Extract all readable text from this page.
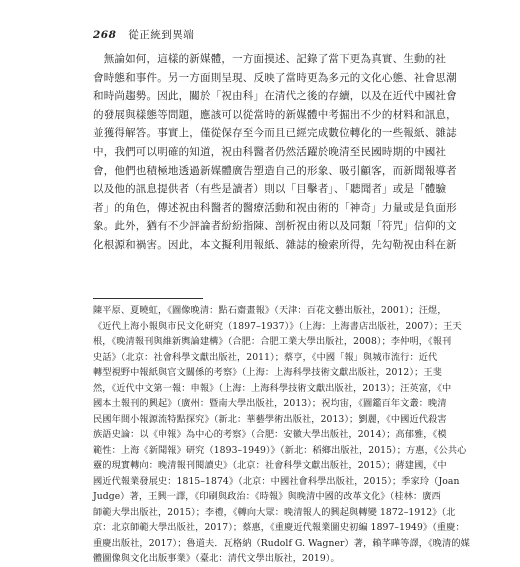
268 從正統到異端

　無論如何，這樣的新媒體，一方面摸述、記錄了當下更為真實、生動的社

會時態和事件。另一方面則呈現、反映了當時更為多元的文化心態、社會思潮

和時尚趨勢。因此，關於「祝由科」在清代之後的存續，以及在近代中國社會

的發展與樣態等問題，應該可以從當時的新媒體中考掘出不少的材料和訊息，

並獲得解答。事實上，僅從保存至今而且已經完成數位轉化的一些報紙、雜誌

中，我們可以明確的知道，祝由科醫者仍然活躍於晚清至民國時期的中國社

會，他們也積極地透過新媒體廣告塑造自己的形象、吸引顧客，而新聞報導者

以及他的訊息提供者（有些是讀者）則以「目擊者」、「聽聞者」或是「體驗

者」的角色，傳述祝由科醫者的醫療活動和祝由術的「神奇」力量或是負面形

象。此外，猶有不少評論者紛紛指陳、剖析祝由術以及同類「符咒」信仰的文

化根源和禍害。因此，本文擬利用報紙、雜誌的檢索所得，先勾勒祝由科在新

陳平原、夏曉虹，《圖像晚清：點石齋畫報》（天津：百花文藝出版社，2001）；汪煜，

《近代上海小報與市民文化研究（1897–1937）》（上海：上海書店出版社，2007）；王天

根，《晚清報刊與維新輿論建構》（合肥：合肥工業大學出版社，2008）；李仲明，《報刊

史話》（北京：社會科學文獻出版社，2011）；蔡亨，《中國「報」與城市流行：近代

轉型視野中報紙與官文關係的考察》（上海：上海科學技術文獻出版社，2012）；王斐

然，《近代中文第一報：申報》（上海：上海科學技術文獻出版社，2013）；汪英富，《中

國本土報刊的興起》（廣州：暨南大學出版社，2013）；祝均宙，《圖鑑百年文叢：晚清

民國年間小報源流特點探究》（新北：華藝學術出版社，2013）；劉麗，《中國近代殺害

族語史論：以《申報》為中心的考察》（合肥：安徽大學出版社，2014）；高郁雅，《模

範性：上海《新聞報》研究（1893–1949）》（新北：稻鄉出版社，2015）；方惠，《公共心

靈的現實轉向：晚清報刊閱讀史》（北京：社會科學文獻出版社，2015）；蔣建國，《中

國近代報業發展史：1815–1874》（北京：中國社會科學出版社，2015）；季家玲（Joan

Judge）著，王興一譯，《印刷與政治：《時報》與晚清中國的改革文化》（桂林：廣西

師範大學出版社，2015）；李禮，《轉向大眾：晚清報人的興起與轉變 1872–1912》（北

京：北京師範大學出版社，2017）；蔡惠，《重慶近代報業圖史初編 1897–1949》（重慶：

重慶出版社，2017）；魯道夫．瓦格納（Rudolf G. Wagner）著，賴芊曄等譯，《晚清的媒

體圖像與文化出版事業》（臺北：清代文學出版社，2019）。
